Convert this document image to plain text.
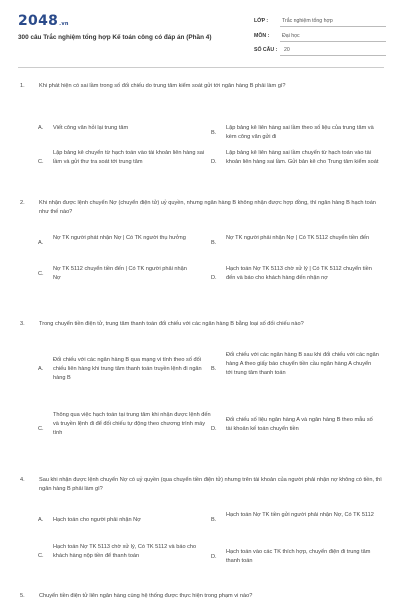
2048.vn
300 câu Trắc nghiệm tổng hợp Kế toán công có đáp án (Phần 4)
LỚP :	Trắc nghiệm tổng hợp
MÔN : Đại học
SỐ CÂU : 20
1.	Khi phát hiện có sai lầm trong số đối chiếu do trung tâm kiểm soát gửi tới ngân hàng B phải làm gì?
A. Viết công văn hỏi lại trung tâm
B.
Lập bảng kê liên hàng sai lầm theo số liệu của trung tâm và kèm công văn gửi đi
C.
Lập bảng kê chuyển từ hạch toán vào tài khoản liên hàng sai lầm và gửi thư tra soát tới trung tâm	D.
Lập bảng kê liên hàng sai lầm chuyển từ hạch toán vào tài khoản liên hàng sai lầm. Gửi bản kê cho Trung tâm kiểm soát
2.	Khi nhận được lệnh chuyển Nợ (chuyển điện tử) uỷ quyền, nhưng ngân hàng B không nhận được hợp đồng, thì ngân hàng B hạch toán như thế nào?
A.
Nợ TK người phát nhận Nợ | Có TK người thụ hưởng
B.
Nợ TK người phải nhận Nợ | Có TK 5112 chuyển tiền đến
C.
Nợ TK 5112 chuyển tiền đến | Có TK người phải nhận Nợ	D.
Hạch toán Nợ TK 5113 chờ xử lý | Có TK 5112 chuyển tiền đến và báo cho khách hàng đến nhận nợ
3.	Trong chuyển tiền điện tử, trung tâm thanh toán đối chiếu với các ngân hàng B bằng loại số đối chiếu nào?
A.
Đối chiếu với các ngân hàng B qua mạng vi tính theo số đối chiếu liên hàng khi trung tâm thanh toán truyền lệnh đi ngân hàng B
B.
Đối chiếu với các ngân hàng B sau khi đối chiếu với các ngân hàng A theo giấy báo chuyển tiền cầu ngân hàng A chuyển tới trung tâm thanh toán
C.
Thông qua việc hạch toán tại trung tâm khi nhận được lệnh đến và truyền lệnh đi để đối chiếu tự động theo chương trình máy tính
D.
Đối chiếu số liệu ngân hàng A và ngân hàng B theo mẫu số tài khoản kế toán chuyển tiền
4.	Sau khi nhận được lệnh chuyển Nợ có uỷ quyền (qua chuyển tiền điện tử) nhưng trên tài khoản của người phải nhận nợ không có tiền, thì ngân hàng B phải làm gì?
A. Hạch toán cho người phải nhận Nợ	B.
Hạch toán Nợ TK tiền gửi người phải nhận Nợ, Có TK 5112
C.
Hạch toán Nợ TK 5113 chờ xử lý, Có TK 5112 và báo cho khách hàng nộp tiền để thanh toán	D.
Hạch toán vào các TK thích hợp, chuyển điện đi trung tâm thanh toán
5.	Chuyển tiền điện tử liên ngân hàng cùng hệ thống được thực hiện trong phạm vi nào?
